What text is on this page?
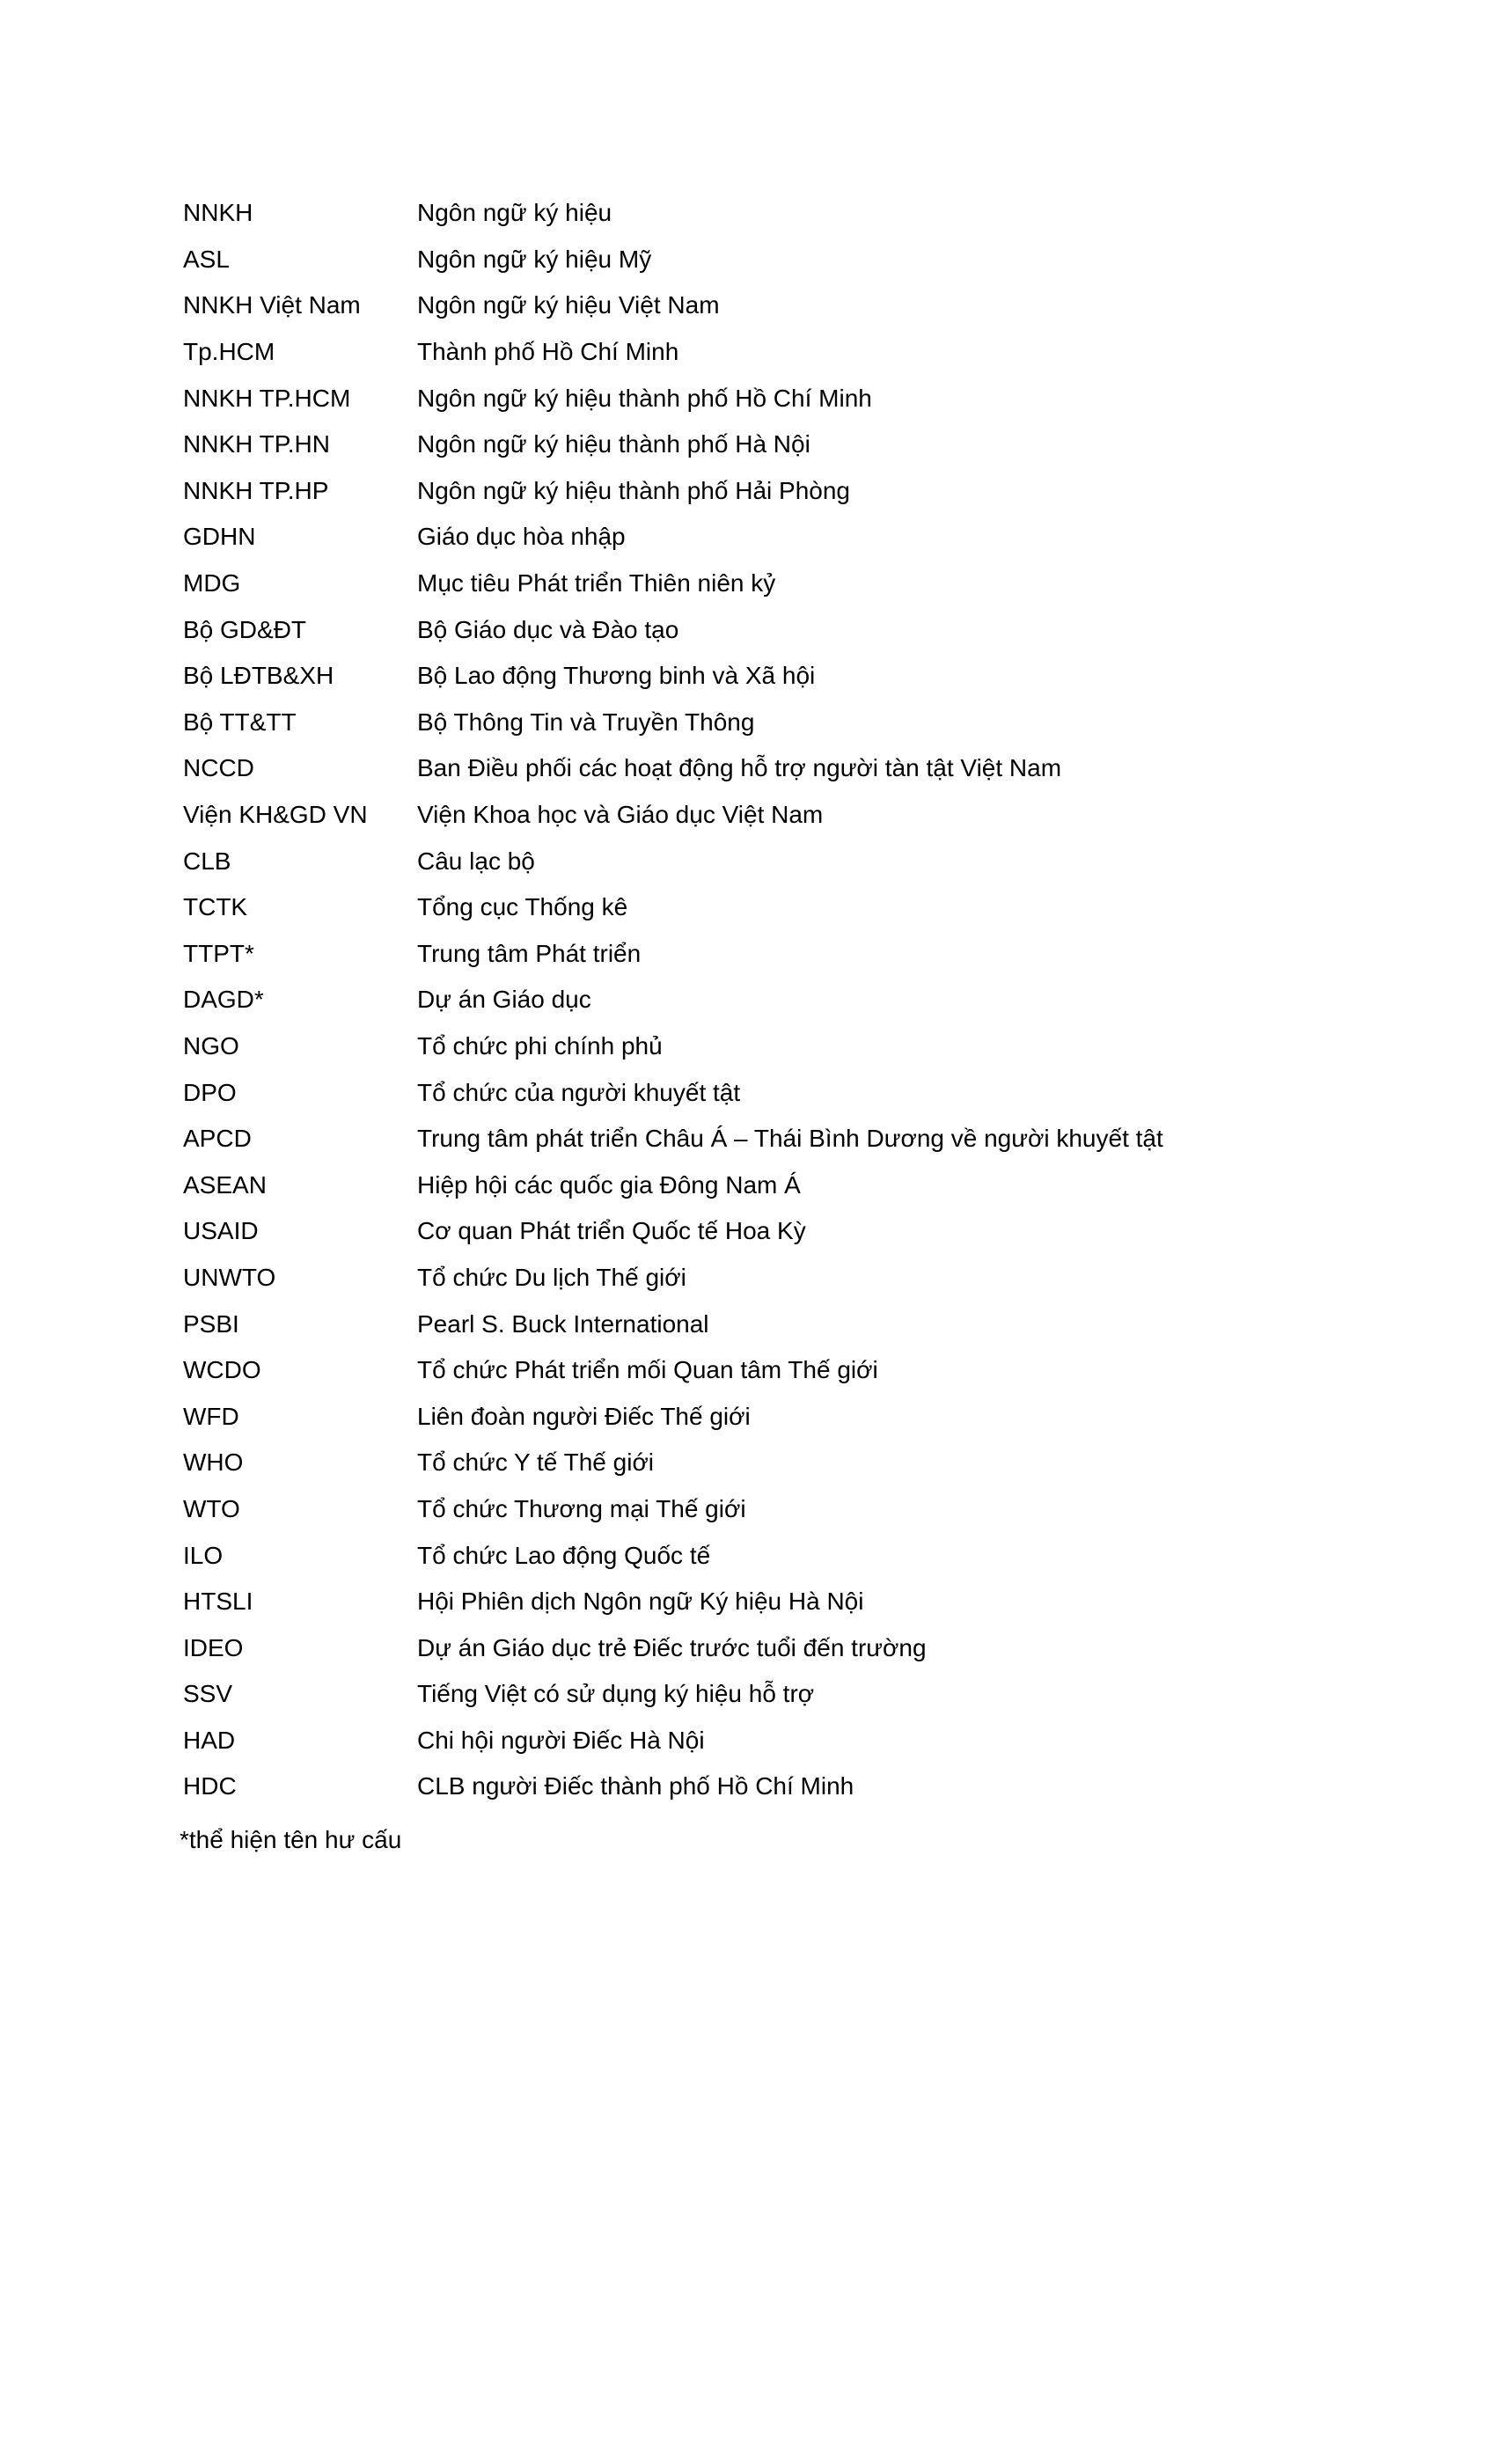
NNKH	Ngôn ngữ ký hiệu
ASL	Ngôn ngữ ký hiệu Mỹ
NNKH Việt Nam	Ngôn ngữ ký hiệu Việt Nam
Tp.HCM	Thành phố Hồ Chí Minh
NNKH TP.HCM	Ngôn ngữ ký hiệu thành phố Hồ Chí Minh
NNKH TP.HN	Ngôn ngữ ký hiệu thành phố Hà Nội
NNKH TP.HP	Ngôn ngữ ký hiệu thành phố Hải Phòng
GDHN	Giáo dục hòa nhập
MDG	Mục tiêu Phát triển Thiên niên kỷ
Bộ GD&ĐT	Bộ Giáo dục và Đào tạo
Bộ LĐTB&XH	Bộ Lao động Thương binh và Xã hội
Bộ TT&TT	Bộ Thông Tin và Truyền Thông
NCCD	Ban Điều phối các hoạt động hỗ trợ người tàn tật Việt Nam
Viện KH&GD VN	Viện Khoa học và Giáo dục Việt Nam
CLB	Câu lạc bộ
TCTK	Tổng cục Thống kê
TTPT*	Trung tâm Phát triển
DAGD*	Dự án Giáo dục
NGO	Tổ chức phi chính phủ
DPO	Tổ chức của người khuyết tật
APCD	Trung tâm phát triển Châu Á – Thái Bình Dương về người khuyết tật
ASEAN	Hiệp hội các quốc gia Đông Nam Á
USAID	Cơ quan Phát triển Quốc tế Hoa Kỳ
UNWTO	Tổ chức Du lịch Thế giới
PSBI	Pearl S. Buck International
WCDO	Tổ chức Phát triển mối Quan tâm Thế giới
WFD	Liên đoàn người Điếc Thế giới
WHO	Tổ chức Y tế Thế giới
WTO	Tổ chức Thương mại Thế giới
ILO	Tổ chức Lao động Quốc tế
HTSLI	Hội Phiên dịch Ngôn ngữ Ký hiệu Hà Nội
IDEO	Dự án Giáo dục trẻ Điếc trước tuổi đến trường
SSV	Tiếng Việt có sử dụng ký hiệu hỗ trợ
HAD	Chi hội người Điếc Hà Nội
HDC	CLB người Điếc thành phố Hồ Chí Minh
*thể hiện tên hư cấu
